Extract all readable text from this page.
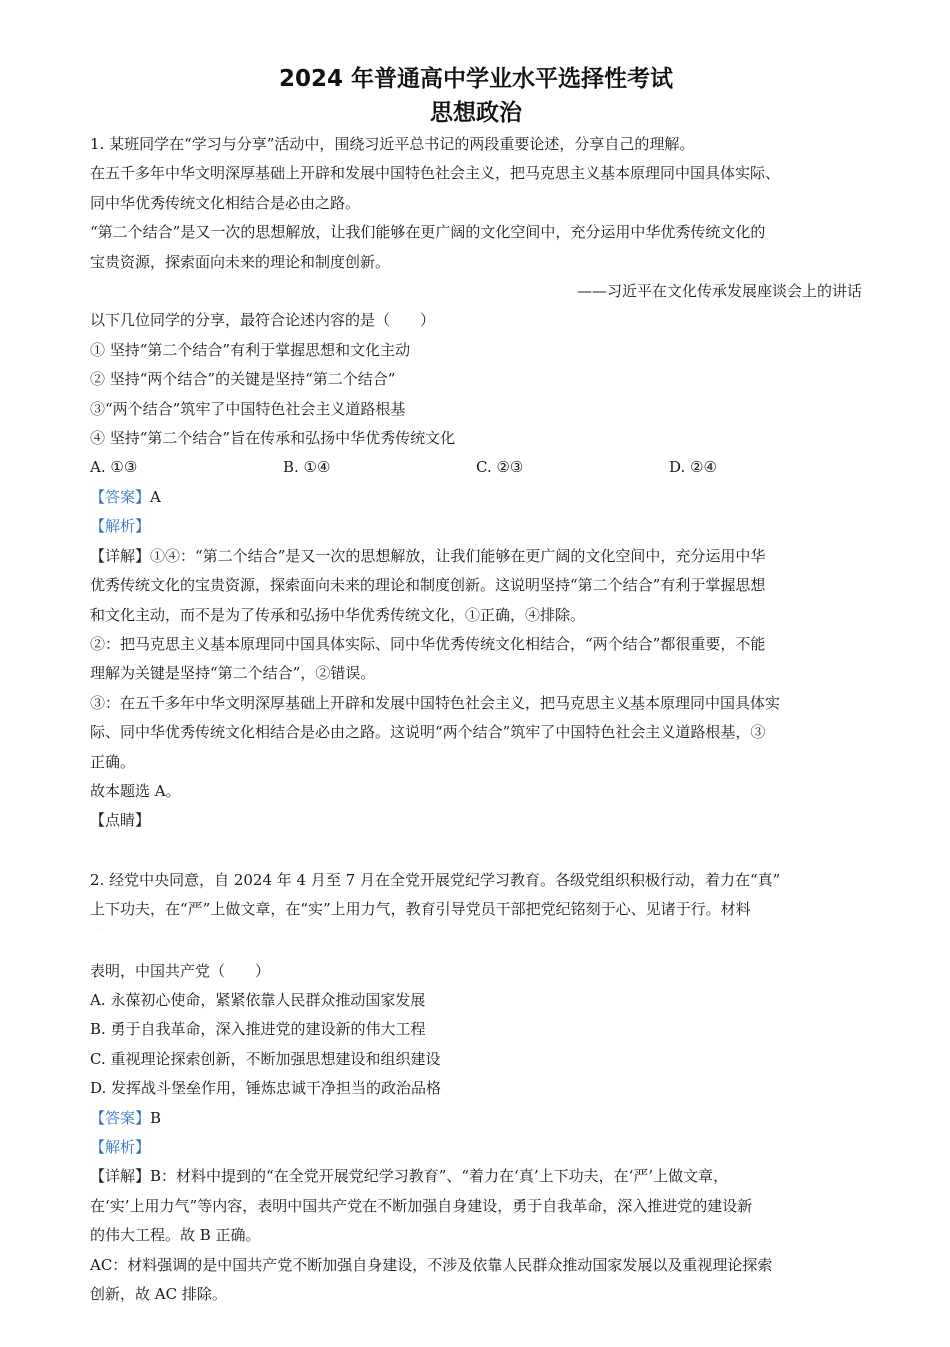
2024 年普通高中学业水平选择性考试
思想政治
1. 某班同学在“学习与分享”活动中，围绕习近平总书记的两段重要论述，分享自己的理解。
在五千多年中华文明深厚基础上开辟和发展中国特色社会主义，把马克思主义基本原理同中国具体实际、
同中华优秀传统文化相结合是必由之路。
“第二个结合”是又一次的思想解放，让我们能够在更广阔的文化空间中，充分运用中华优秀传统文化的
宝贵资源，探索面向未来的理论和制度创新。
——习近平在文化传承发展座谈会上的讲话
以下几位同学的分享，最符合论述内容的是（　　）
① 坚持“第二个结合”有利于掌握思想和文化主动
② 坚持“两个结合”的关键是坚持“第二个结合”
③“两个结合”筑牢了中国特色社会主义道路根基
④ 坚持“第二个结合”旨在传承和弘扬中华优秀传统文化
A. ①③	B. ①④	C. ②③	D. ②④
【答案】A
【解析】
【详解】①④：“第二个结合”是又一次的思想解放，让我们能够在更广阔的文化空间中，充分运用中华
优秀传统文化的宝贵资源，探索面向未来的理论和制度创新。这说明坚持“第二个结合”有利于掌握思想
和文化主动，而不是为了传承和弘扬中华优秀传统文化，①正确，④排除。
②：把马克思主义基本原理同中国具体实际、同中华优秀传统文化相结合，“两个结合”都很重要，不能
理解为关键是坚持“第二个结合”，②错误。
③：在五千多年中华文明深厚基础上开辟和发展中国特色社会主义，把马克思主义基本原理同中国具体实
际、同中华优秀传统文化相结合是必由之路。这说明“两个结合”筑牢了中国特色社会主义道路根基，③
正确。
故本题选 A。
【点睛】
2. 经党中央同意，自 2024 年 4 月至 7 月在全党开展党纪学习教育。各级党组织积极行动，着力在“真”
上下功夫，在“严”上做文章，在“实”上用力气，教育引导党员干部把党纪铭刻于心、见诸于行。材料
·
表明，中国共产党（　　）
A. 永葆初心使命，紧紧依靠人民群众推动国家发展
B. 勇于自我革命，深入推进党的建设新的伟大工程
C. 重视理论探索创新，不断加强思想建设和组织建设
D. 发挥战斗堡垒作用，锤炼忠诚干净担当的政治品格
【答案】B
【解析】
【详解】B：材料中提到的“在全党开展党纪学习教育”、“着力在‘真’上下功夫，在‘严’上做文章，
在‘实’上用力气”等内容，表明中国共产党在不断加强自身建设，勇于自我革命，深入推进党的建设新
的伟大工程。故 B 正确。
AC：材料强调的是中国共产党不断加强自身建设，不涉及依靠人民群众推动国家发展以及重视理论探索
创新，故 AC 排除。
